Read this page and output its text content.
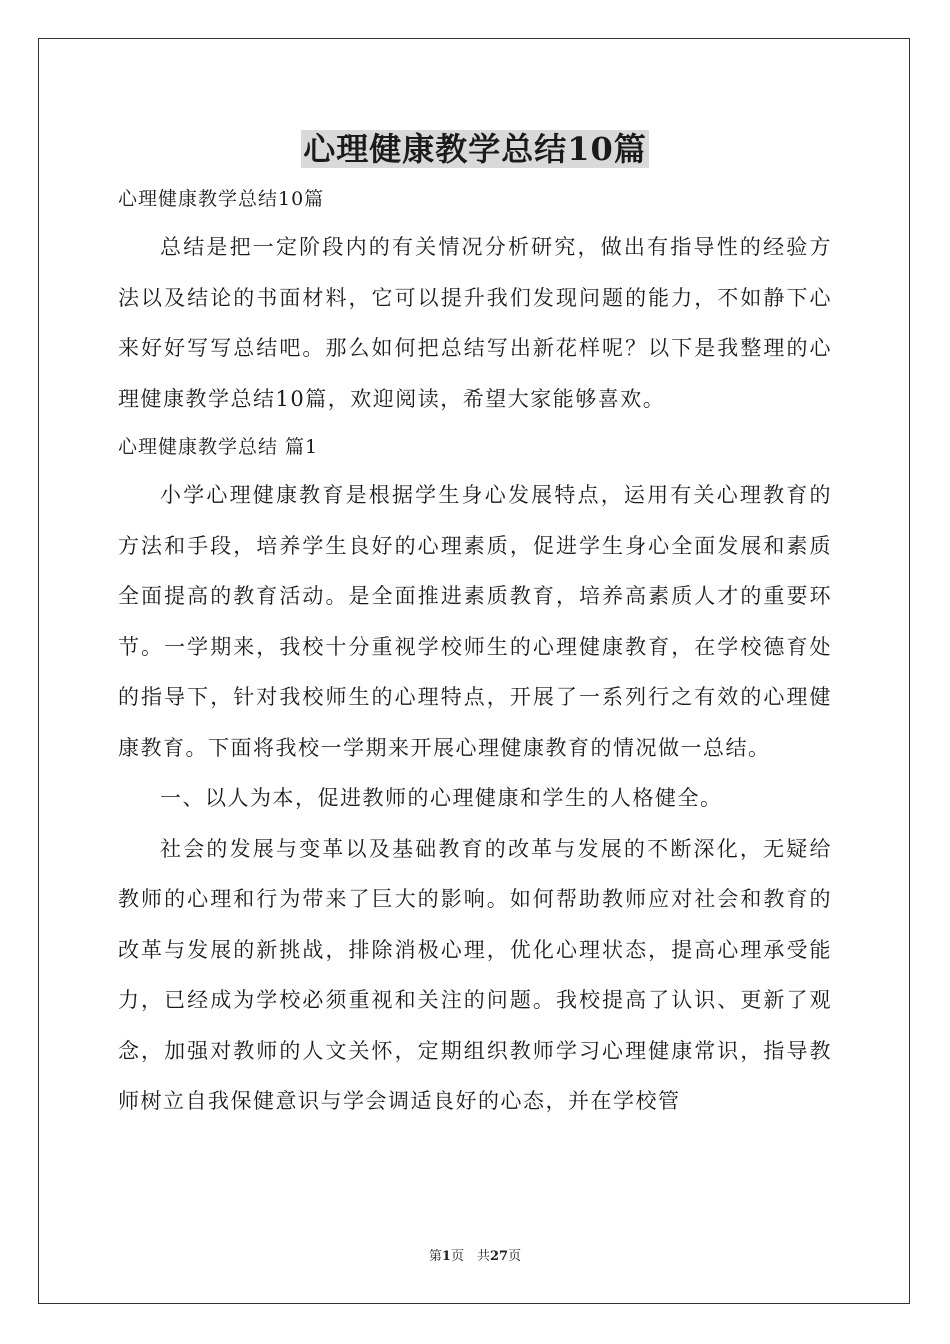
心理健康教学总结10篇

心理健康教学总结10篇

总结是把一定阶段内的有关情况分析研究，做出有指导性的经验方法以及结论的书面材料，它可以提升我们发现问题的能力，不如静下心来好好写写总结吧。那么如何把总结写出新花样呢？以下是我整理的心理健康教学总结10篇，欢迎阅读，希望大家能够喜欢。

心理健康教学总结 篇1

小学心理健康教育是根据学生身心发展特点，运用有关心理教育的方法和手段，培养学生良好的心理素质，促进学生身心全面发展和素质全面提高的教育活动。是全面推进素质教育，培养高素质人才的重要环节。一学期来，我校十分重视学校师生的心理健康教育，在学校德育处的指导下，针对我校师生的心理特点，开展了一系列行之有效的心理健康教育。下面将我校一学期来开展心理健康教育的情况做一总结。

一、以人为本，促进教师的心理健康和学生的人格健全。

社会的发展与变革以及基础教育的改革与发展的不断深化，无疑给教师的心理和行为带来了巨大的影响。如何帮助教师应对社会和教育的改革与发展的新挑战，排除消极心理，优化心理状态，提高心理承受能力，已经成为学校必须重视和关注的问题。我校提高了认识、更新了观念，加强对教师的人文关怀，定期组织教师学习心理健康常识，指导教师树立自我保健意识与学会调适良好的心态，并在学校管

第1页　共27页
